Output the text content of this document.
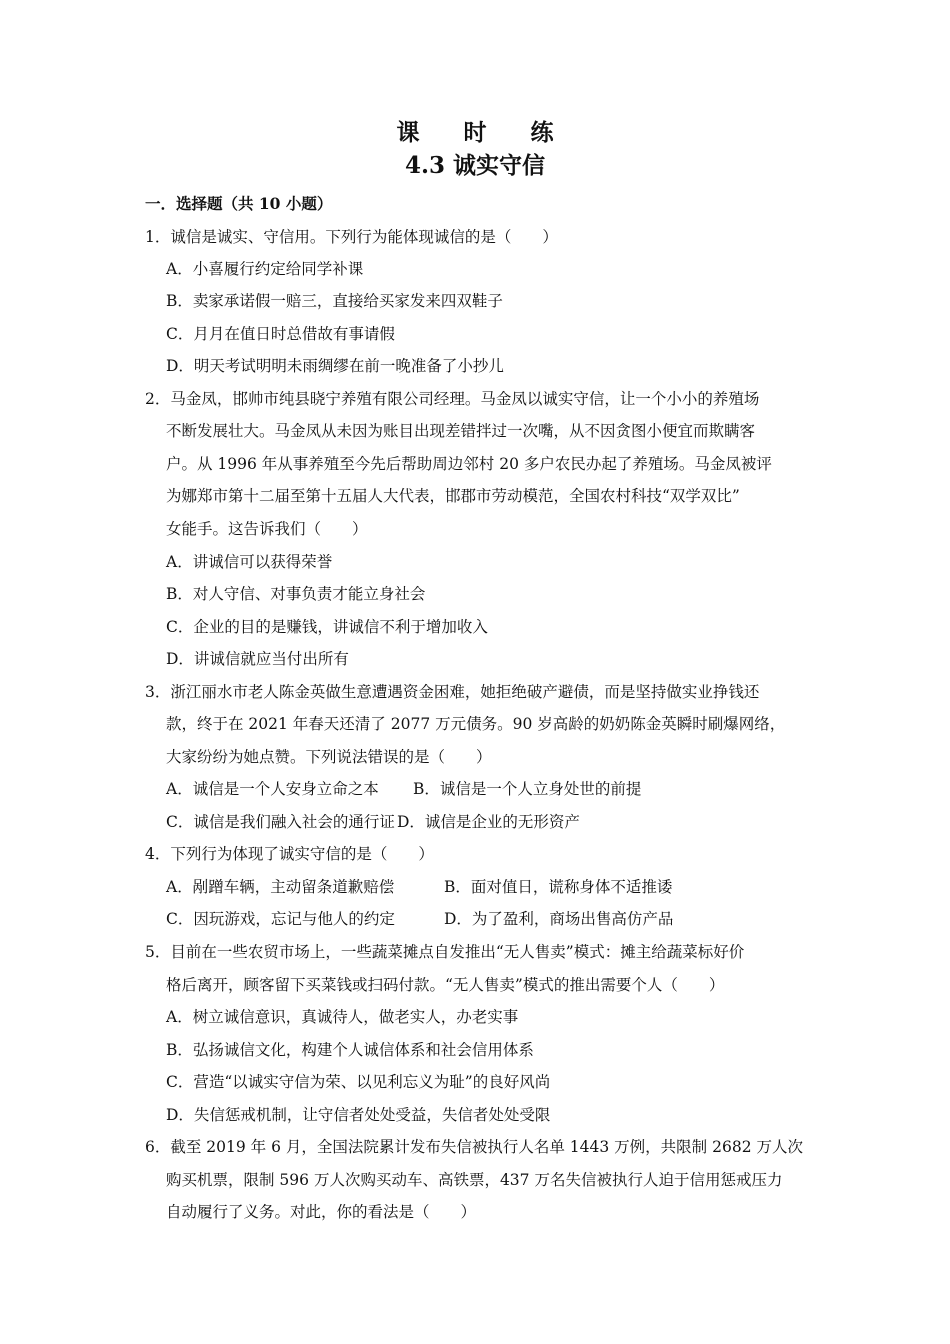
课 时 练
4.3 诚实守信
一．选择题（共 10 小题）
1．诚信是诚实、守信用。下列行为能体现诚信的是（　　）
A．小喜履行约定给同学补课
B．卖家承诺假一赔三，直接给买家发来四双鞋子
C．月月在值日时总借故有事请假
D．明天考试明明未雨绸缪在前一晚准备了小抄儿
2．马金凤，邯帅市纯县晓宁养殖有限公司经理。马金凤以诚实守信，让一个小小的养殖场
不断发展壮大。马金凤从未因为账目出现差错拌过一次嘴，从不因贪图小便宜而欺瞒客
户。从 1996 年从事养殖至今先后帮助周边邻村 20 多户农民办起了养殖场。马金凤被评
为娜郑市第十二届至第十五届人大代表，邯郡市劳动模范，全国农村科技“双学双比”
女能手。这告诉我们（　　）
A．讲诚信可以获得荣誉
B．对人守信、对事负责才能立身社会
C．企业的目的是赚钱，讲诚信不利于增加收入
D．讲诚信就应当付出所有
3．浙江丽水市老人陈金英做生意遭遇资金困难，她拒绝破产避债，而是坚持做实业挣钱还
款，终于在 2021 年春天还清了 2077 万元债务。90 岁高龄的奶奶陈金英瞬时刷爆网络，
大家纷纷为她点赞。下列说法错误的是（　　）
A．诚信是一个人安身立命之本 B．诚信是一个人立身处世的前提
C．诚信是我们融入社会的通行证 D．诚信是企业的无形资产
4．下列行为体现了诚实守信的是（　　）
A．剐蹭车辆，主动留条道歉赔偿	B．面对值日，谎称身体不适推诿
C．因玩游戏，忘记与他人的约定	D．为了盈利，商场出售高仿产品
5．目前在一些农贸市场上，一些蔬菜摊点自发推出“无人售卖”模式：摊主给蔬菜标好价
格后离开，顾客留下买菜钱或扫码付款。“无人售卖”模式的推出需要个人（　　）
A．树立诚信意识，真诚待人，做老实人，办老实事
B．弘扬诚信文化，构建个人诚信体系和社会信用体系
C．营造“以诚实守信为荣、以见利忘义为耻”的良好风尚
D．失信惩戒机制，让守信者处处受益，失信者处处受限
6．截至 2019 年 6 月，全国法院累计发布失信被执行人名单 1443 万例，共限制 2682 万人次
购买机票，限制 596 万人次购买动车、高铁票，437 万名失信被执行人迫于信用惩戒压力
自动履行了义务。对此，你的看法是（　　）
